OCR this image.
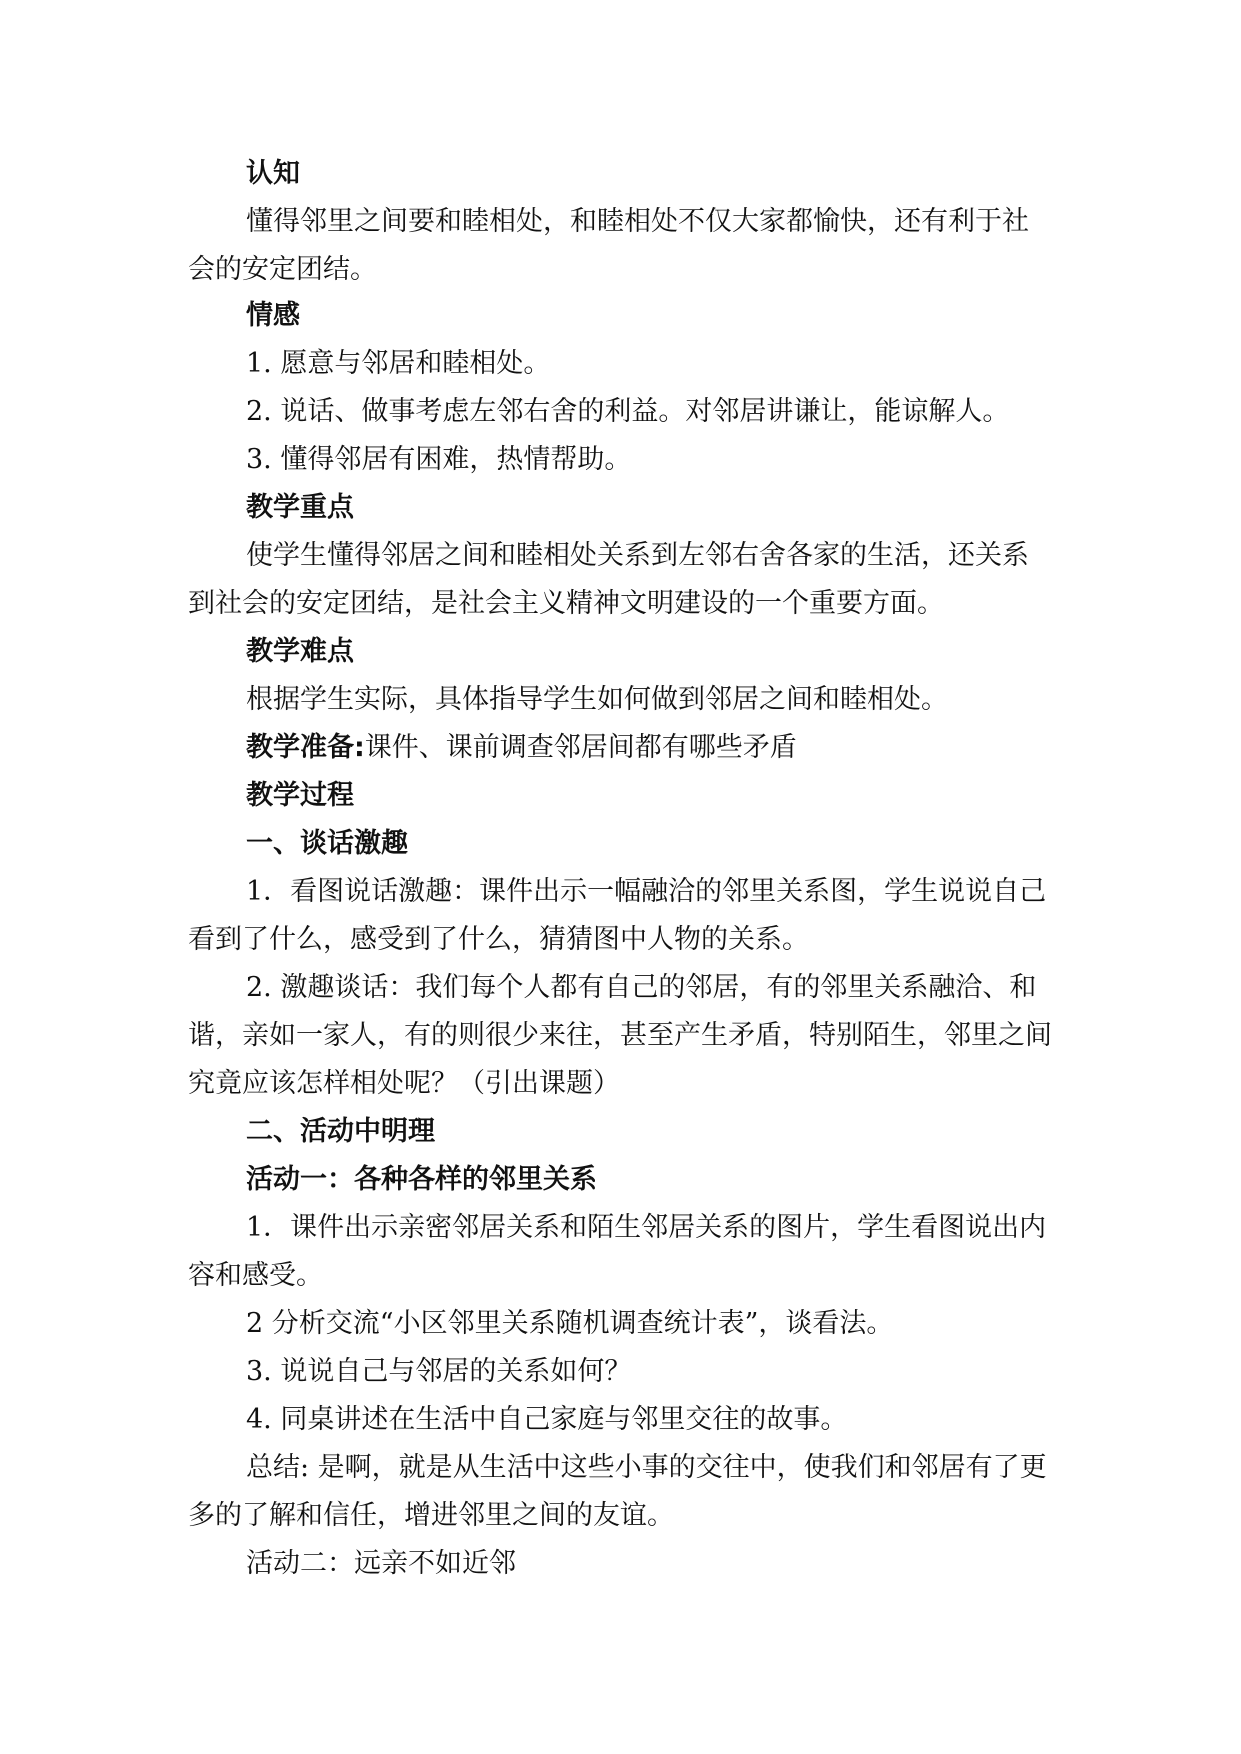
认知

懂得邻里之间要和睦相处，和睦相处不仅大家都愉快，还有利于社会的安定团结。

情感

1. 愿意与邻居和睦相处。

2. 说话、做事考虑左邻右舍的利益。对邻居讲谦让，能谅解人。

3. 懂得邻居有困难，热情帮助。

教学重点

使学生懂得邻居之间和睦相处关系到左邻右舍各家的生活，还关系到社会的安定团结，是社会主义精神文明建设的一个重要方面。

教学难点

根据学生实际，具体指导学生如何做到邻居之间和睦相处。

教学准备:课件、课前调查邻居间都有哪些矛盾

教学过程

一、谈话激趣

1．看图说话激趣：课件出示一幅融洽的邻里关系图，学生说说自己看到了什么，感受到了什么，猜猜图中人物的关系。

2. 激趣谈话：我们每个人都有自己的邻居，有的邻里关系融洽、和谐，亲如一家人，有的则很少来往，甚至产生矛盾，特别陌生，邻里之间究竟应该怎样相处呢？（引出课题）

二、活动中明理

活动一：各种各样的邻里关系

1．课件出示亲密邻居关系和陌生邻居关系的图片，学生看图说出内容和感受。

2 分析交流“小区邻里关系随机调查统计表”，谈看法。

3. 说说自己与邻居的关系如何？

4. 同桌讲述在生活中自己家庭与邻里交往的故事。

总结: 是啊，就是从生活中这些小事的交往中，使我们和邻居有了更多的了解和信任，增进邻里之间的友谊。

活动二：远亲不如近邻
